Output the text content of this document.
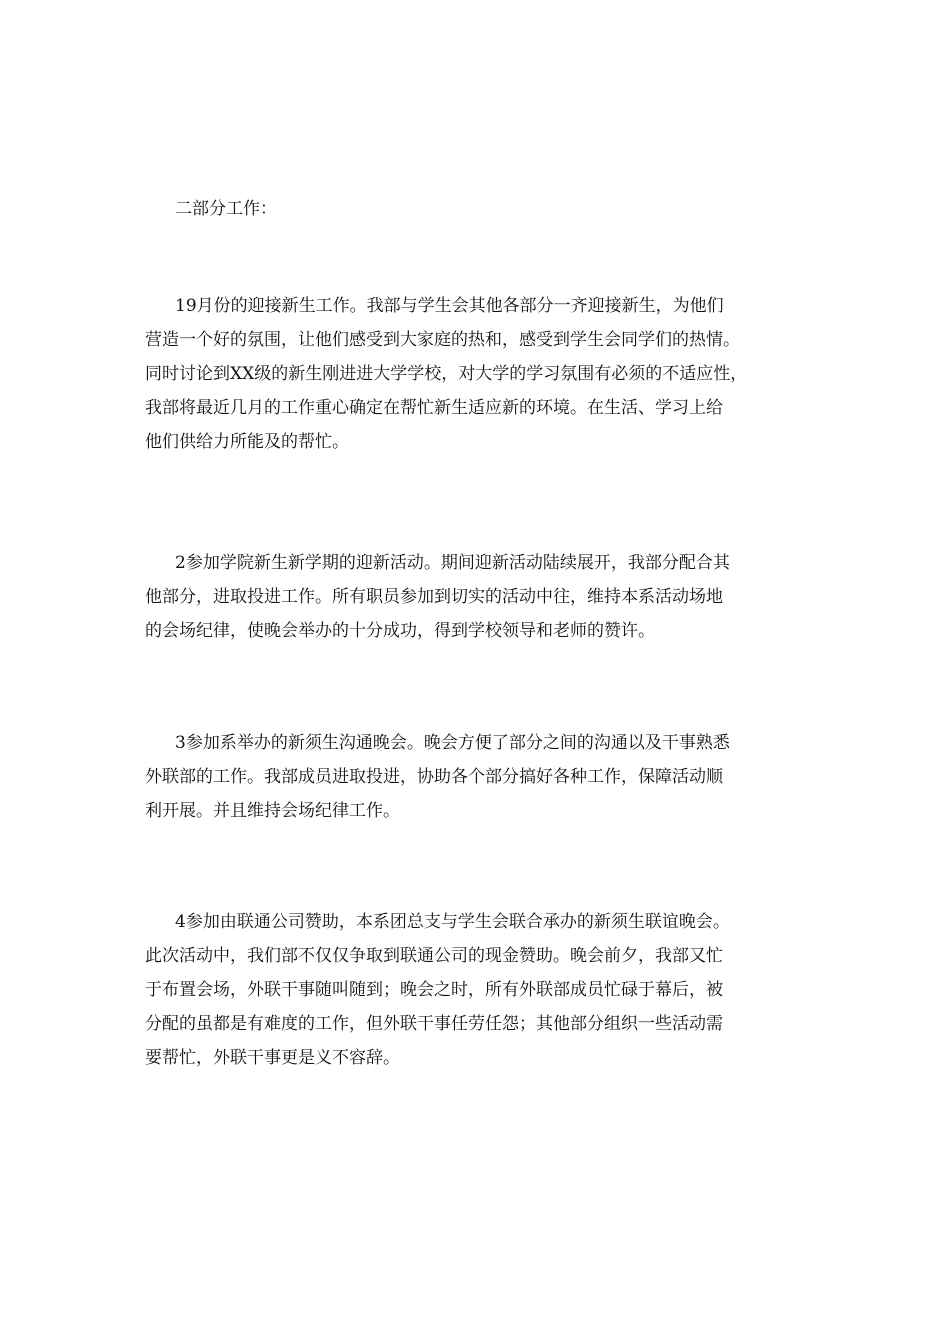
二部分工作：
19月份的迎接新生工作。我部与学生会其他各部分一齐迎接新生，为他们
营造一个好的氛围，让他们感受到大家庭的热和，感受到学生会同学们的热情。
同时讨论到XX级的新生刚进进大学学校，对大学的学习氛围有必须的不适应性，
我部将最近几月的工作重心确定在帮忙新生适应新的环境。在生活、学习上给
他们供给力所能及的帮忙。
2参加学院新生新学期的迎新活动。期间迎新活动陆续展开，我部分配合其
他部分，进取投进工作。所有职员参加到切实的活动中往，维持本系活动场地
的会场纪律，使晚会举办的十分成功，得到学校领导和老师的赞许。
3参加系举办的新须生沟通晚会。晚会方便了部分之间的沟通以及干事熟悉
外联部的工作。我部成员进取投进，协助各个部分搞好各种工作，保障活动顺
利开展。并且维持会场纪律工作。
4参加由联通公司赞助，本系团总支与学生会联合承办的新须生联谊晚会。
此次活动中，我们部不仅仅争取到联通公司的现金赞助。晚会前夕，我部又忙
于布置会场，外联干事随叫随到；晚会之时，所有外联部成员忙碌于幕后，被
分配的虽都是有难度的工作，但外联干事任劳任怨；其他部分组织一些活动需
要帮忙，外联干事更是义不容辞。
